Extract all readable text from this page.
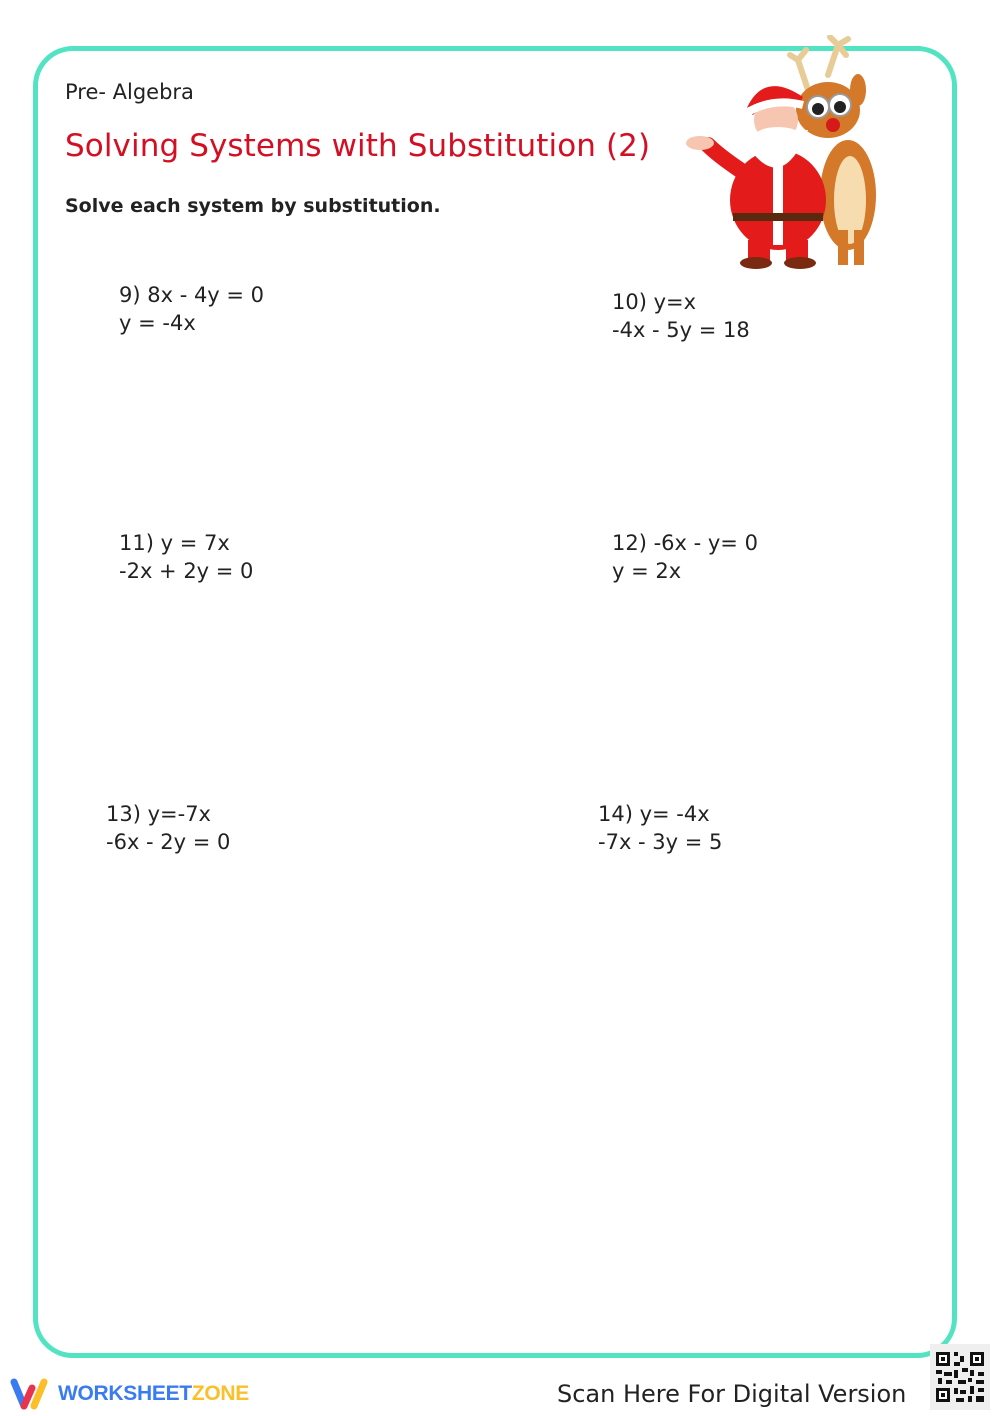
Pre- Algebra
Solving Systems with Substitution (2)
Solve each system by substitution.
9) 8x - 4y = 0
y = -4x
10) y=x
-4x - 5y = 18
11) y = 7x
-2x + 2y = 0
12) -6x - y= 0
y = 2x
13) y=-7x
-6x - 2y = 0
14) y= -4x
-7x - 3y = 5
WORKSHEETZONE	Scan Here For Digital Version
